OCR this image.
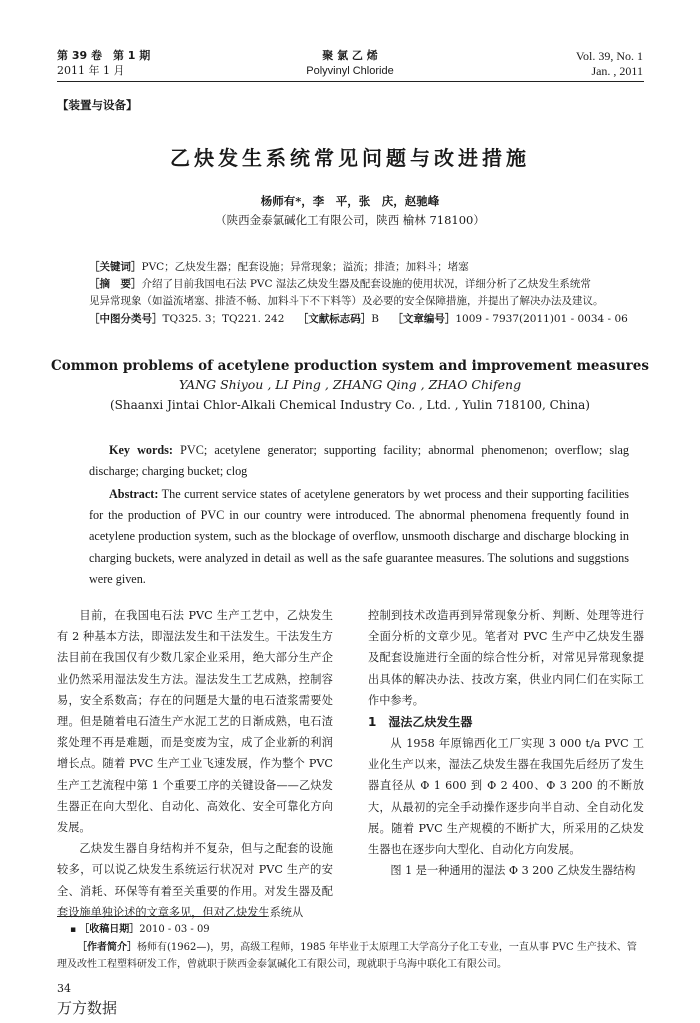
第 39 卷　第 1 期
2011 年 1 月
聚 氯 乙 烯
Polyvinyl Chloride
Vol. 39, No. 1
Jan. , 2011
【装置与设备】
乙炔发生系统常见问题与改进措施
杨师有*，李　平，张　庆，赵驰峰
（陕西金泰氯碱化工有限公司，陕西 榆林 718100）
［关键词］PVC；乙炔发生器；配套设施；异常现象；溢流；排渣；加料斗；堵塞
［摘　要］介绍了目前我国电石法 PVC 湿法乙炔发生器及配套设施的使用状况，详细分析了乙炔发生系统常
见异常现象（如溢流堵塞、排渣不畅、加料斗下不下料等）及必要的安全保障措施，并提出了解决办法及建议。
［中图分类号］TQ325. 3；TQ221. 242 ［文献标志码］B ［文章编号］1009 - 7937(2011)01 - 0034 - 06
Common problems of acetylene production system and improvement measures
YANG Shiyou , LI Ping , ZHANG Qing , ZHAO Chifeng
(Shaanxi Jintai Chlor-Alkali Chemical Industry Co. , Ltd. , Yulin 718100, China)
Key words: PVC; acetylene generator; supporting facility; abnormal phenomenon; overflow; slag discharge; charging bucket; clog
Abstract: The current service states of acetylene generators by wet process and their supporting facilities for the production of PVC in our country were introduced. The abnormal phenomena frequently found in acetylene production system, such as the blockage of overflow, unsmooth discharge and discharge blocking in charging buckets, were analyzed in detail as well as the safe guarantee measures. The solutions and suggstions were given.

目前，在我国电石法 PVC 生产工艺中，乙炔发生有 2 种基本方法，即湿法发生和干法发生。干法发生方法目前在我国仅有少数几家企业采用，绝大部分生产企业仍然采用湿法发生方法。湿法发生工艺成熟，控制容易，安全系数高；存在的问题是大量的电石渣浆需要处理。但是随着电石渣生产水泥工艺的日渐成熟，电石渣浆处理不再是难题，而是变废为宝，成了企业新的利润增长点。随着 PVC 生产工业飞速发展，作为整个 PVC 生产工艺流程中第 1 个重要工序的关键设备——乙炔发生器正在向大型化、自动化、高效化、安全可靠化方向发展。

乙炔发生器自身结构并不复杂，但与之配套的设施较多，可以说乙炔发生系统运行状况对 PVC 生产的安全、消耗、环保等有着至关重要的作用。对发生器及配套设施单独论述的文章多见，但对乙炔发生系统从

控制到技术改造再到异常现象分析、判断、处理等进行全面分析的文章少见。笔者对 PVC 生产中乙炔发生器及配套设施进行全面的综合性分析，对常见异常现象提出具体的解决办法、技改方案，供业内同仁们在实际工作中参考。

1　湿法乙炔发生器

从 1958 年原锦西化工厂实现 3 000 t/a PVC 工业化生产以来，湿法乙炔发生器在我国先后经历了发生器直径从 Φ 1 600 到 Φ 2 400、Φ 3 200 的不断放大，从最初的完全手动操作逐步向半自动、全自动化发展。随着 PVC 生产规模的不断扩大，所采用的乙炔发生器也在逐步向大型化、自动化方向发展。

图 1 是一种通用的湿法 Φ 3 200 乙炔发生器结构

▪ ［收稿日期］2010 - 03 - 09
［作者简介］杨师有(1962—)，男，高级工程师，1985 年毕业于太原理工大学高分子化工专业，一直从事 PVC 生产技术、管理及改性工程塑料研发工作，曾就职于陕西金泰氯碱化工有限公司，现就职于乌海中联化工有限公司。
34
万方数据
